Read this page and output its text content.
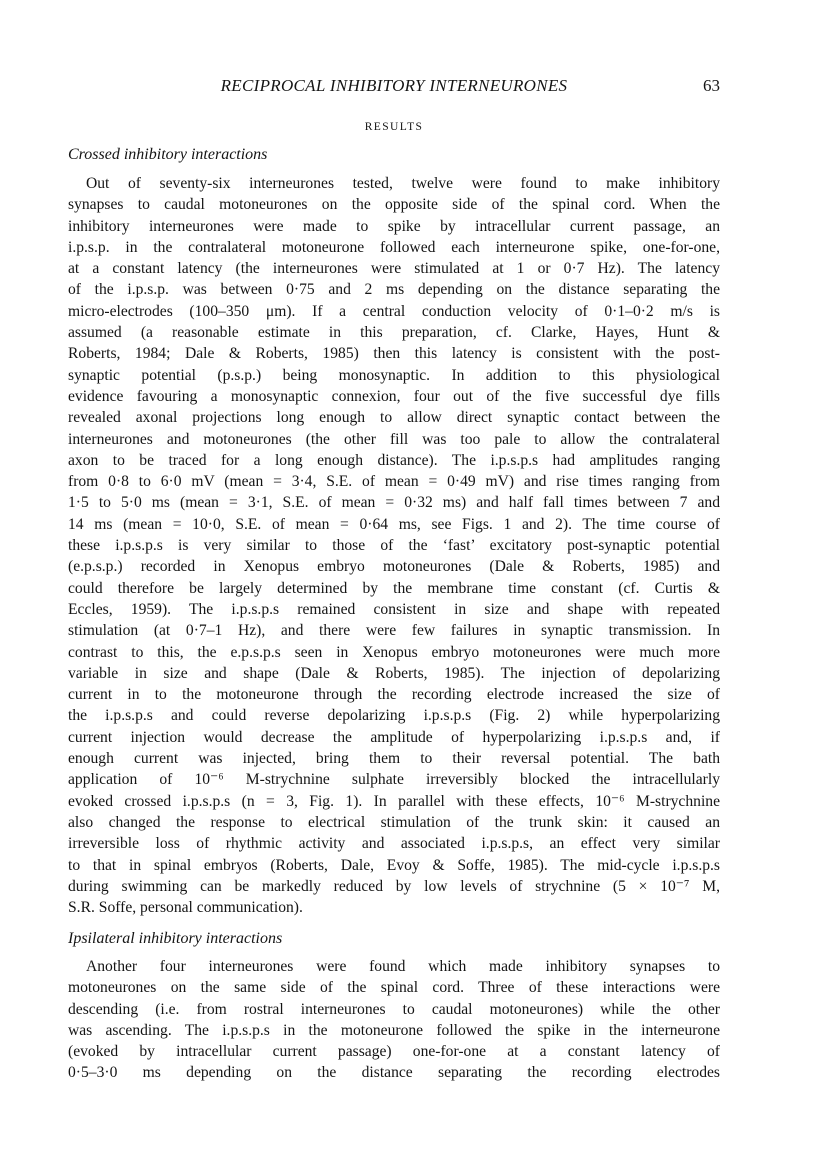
RECIPROCAL INHIBITORY INTERNEURONES	63
RESULTS
Crossed inhibitory interactions
Out of seventy-six interneurones tested, twelve were found to make inhibitory
synapses to caudal motoneurones on the opposite side of the spinal cord. When the
inhibitory interneurones were made to spike by intracellular current passage, an
i.p.s.p. in the contralateral motoneurone followed each interneurone spike, one-for-one,
at a constant latency (the interneurones were stimulated at 1 or 0·7 Hz). The latency
of the i.p.s.p. was between 0·75 and 2 ms depending on the distance separating the
micro-electrodes (100–350 μm). If a central conduction velocity of 0·1–0·2 m/s is
assumed (a reasonable estimate in this preparation, cf. Clarke, Hayes, Hunt &
Roberts, 1984; Dale & Roberts, 1985) then this latency is consistent with the post-
synaptic potential (p.s.p.) being monosynaptic. In addition to this physiological
evidence favouring a monosynaptic connexion, four out of the five successful dye fills
revealed axonal projections long enough to allow direct synaptic contact between the
interneurones and motoneurones (the other fill was too pale to allow the contralateral
axon to be traced for a long enough distance). The i.p.s.p.s had amplitudes ranging
from 0·8 to 6·0 mV (mean = 3·4, S.E. of mean = 0·49 mV) and rise times ranging from
1·5 to 5·0 ms (mean = 3·1, S.E. of mean = 0·32 ms) and half fall times between 7 and
14 ms (mean = 10·0, S.E. of mean = 0·64 ms, see Figs. 1 and 2). The time course of
these i.p.s.p.s is very similar to those of the ‘fast’ excitatory post-synaptic potential
(e.p.s.p.) recorded in Xenopus embryo motoneurones (Dale & Roberts, 1985) and
could therefore be largely determined by the membrane time constant (cf. Curtis &
Eccles, 1959). The i.p.s.p.s remained consistent in size and shape with repeated
stimulation (at 0·7–1 Hz), and there were few failures in synaptic transmission. In
contrast to this, the e.p.s.p.s seen in Xenopus embryo motoneurones were much more
variable in size and shape (Dale & Roberts, 1985). The injection of depolarizing
current in to the motoneurone through the recording electrode increased the size of
the i.p.s.p.s and could reverse depolarizing i.p.s.p.s (Fig. 2) while hyperpolarizing
current injection would decrease the amplitude of hyperpolarizing i.p.s.p.s and, if
enough current was injected, bring them to their reversal potential. The bath
application of 10⁻⁶ M-strychnine sulphate irreversibly blocked the intracellularly
evoked crossed i.p.s.p.s (n = 3, Fig. 1). In parallel with these effects, 10⁻⁶ M-strychnine
also changed the response to electrical stimulation of the trunk skin: it caused an
irreversible loss of rhythmic activity and associated i.p.s.p.s, an effect very similar
to that in spinal embryos (Roberts, Dale, Evoy & Soffe, 1985). The mid-cycle i.p.s.p.s
during swimming can be markedly reduced by low levels of strychnine (5 × 10⁻⁷ M,
S.R. Soffe, personal communication).
Ipsilateral inhibitory interactions
Another four interneurones were found which made inhibitory synapses to
motoneurones on the same side of the spinal cord. Three of these interactions were
descending (i.e. from rostral interneurones to caudal motoneurones) while the other
was ascending. The i.p.s.p.s in the motoneurone followed the spike in the interneurone
(evoked by intracellular current passage) one-for-one at a constant latency of
0·5–3·0 ms depending on the distance separating the recording electrodes
